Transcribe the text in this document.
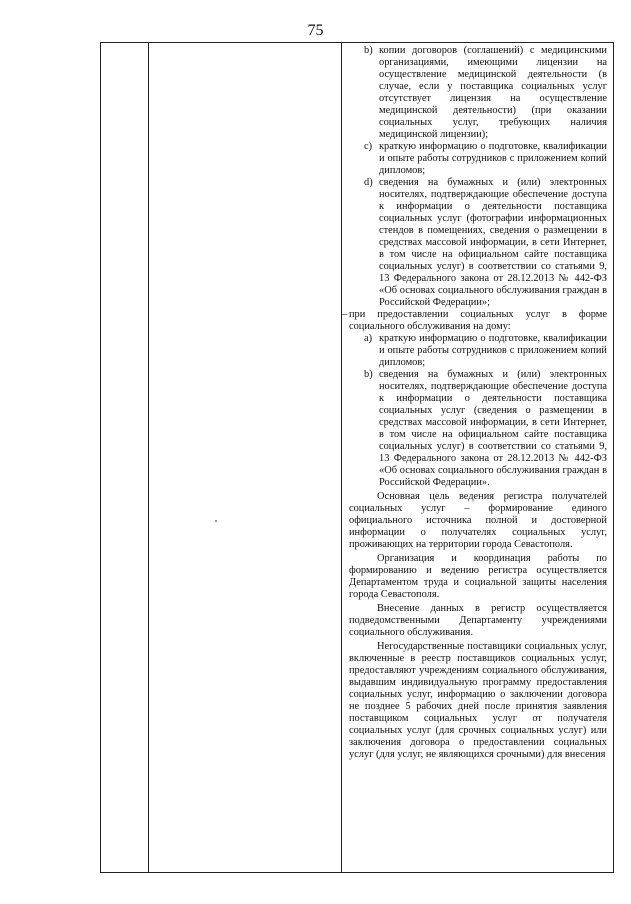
75
b) копии договоров (соглашений) с медицинскими организациями, имеющими лицензии на осуществление медицинской деятельности (в случае, если у поставщика социальных услуг отсутствует лицензия на осуществление медицинской деятельности) (при оказании социальных услуг, требующих наличия медицинской лицензии);
c) краткую информацию о подготовке, квалификации и опыте работы сотрудников с приложением копий дипломов;
d) сведения на бумажных и (или) электронных носителях, подтверждающие обеспечение доступа к информации о деятельности поставщика социальных услуг (фотографии информационных стендов в помещениях, сведения о размещении в средствах массовой информации, в сети Интернет, в том числе на официальном сайте поставщика социальных услуг) в соответствии со статьями 9, 13 Федерального закона от 28.12.2013 № 442-ФЗ «Об основах социального обслуживания граждан в Российской Федерации»;
– при предоставлении социальных услуг в форме социального обслуживания на дому:
a) краткую информацию о подготовке, квалификации и опыте работы сотрудников с приложением копий дипломов;
b) сведения на бумажных и (или) электронных носителях, подтверждающие обеспечение доступа к информации о деятельности поставщика социальных услуг (сведения о размещении в средствах массовой информации, в сети Интернет, в том числе на официальном сайте поставщика социальных услуг) в соответствии со статьями 9, 13 Федерального закона от 28.12.2013 № 442-ФЗ «Об основах социального обслуживания граждан в Российской Федерации».

Основная цель ведения регистра получателей социальных услуг – формирование единого официального источника полной и достоверной информации о получателях социальных услуг, проживающих на территории города Севастополя.

Организация и координация работы по формированию и ведению регистра осуществляется Департаментом труда и социальной защиты населения города Севастополя.

Внесение данных в регистр осуществляется подведомственными Департаменту учреждениями социального обслуживания.

Негосударственные поставщики социальных услуг, включенные в реестр поставщиков социальных услуг, предоставляют учреждениям социального обслуживания, выдавшим индивидуальную программу предоставления социальных услуг, информацию о заключении договора не позднее 5 рабочих дней после принятия заявления поставщиком социальных услуг от получателя социальных услуг (для срочных социальных услуг) или заключения договора о предоставлении социальных услуг (для услуг, не являющихся срочными) для внесения
